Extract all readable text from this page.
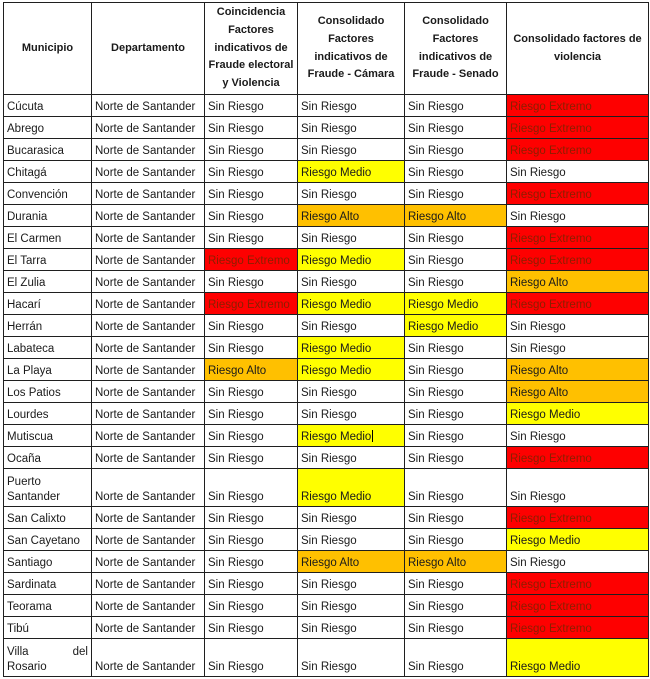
Municipio	Departamento	Coincidencia Factores indicativos de Fraude electoral y Violencia	Consolidado Factores indicativos de Fraude - Cámara	Consolidado Factores indicativos de Fraude - Senado	Consolidado factores de violencia
Cúcuta	Norte de Santander	Sin Riesgo	Sin Riesgo	Sin Riesgo	Riesgo Extremo
Abrego	Norte de Santander	Sin Riesgo	Sin Riesgo	Sin Riesgo	Riesgo Extremo
Bucarasica	Norte de Santander	Sin Riesgo	Sin Riesgo	Sin Riesgo	Riesgo Extremo
Chitagá	Norte de Santander	Sin Riesgo	Riesgo Medio	Sin Riesgo	Sin Riesgo
Convención	Norte de Santander	Sin Riesgo	Sin Riesgo	Sin Riesgo	Riesgo Extremo
Durania	Norte de Santander	Sin Riesgo	Riesgo Alto	Riesgo Alto	Sin Riesgo
El Carmen	Norte de Santander	Sin Riesgo	Sin Riesgo	Sin Riesgo	Riesgo Extremo
El Tarra	Norte de Santander	Riesgo Extremo	Riesgo Medio	Sin Riesgo	Riesgo Extremo
El Zulia	Norte de Santander	Sin Riesgo	Sin Riesgo	Sin Riesgo	Riesgo Alto
Hacarí	Norte de Santander	Riesgo Extremo	Riesgo Medio	Riesgo Medio	Riesgo Extremo
Herrán	Norte de Santander	Sin Riesgo	Sin Riesgo	Riesgo Medio	Sin Riesgo
Labateca	Norte de Santander	Sin Riesgo	Riesgo Medio	Sin Riesgo	Sin Riesgo
La Playa	Norte de Santander	Riesgo Alto	Riesgo Medio	Sin Riesgo	Riesgo Alto
Los Patios	Norte de Santander	Sin Riesgo	Sin Riesgo	Sin Riesgo	Riesgo Alto
Lourdes	Norte de Santander	Sin Riesgo	Sin Riesgo	Sin Riesgo	Riesgo Medio
Mutiscua	Norte de Santander	Sin Riesgo	Riesgo Medio	Sin Riesgo	Sin Riesgo
Ocaña	Norte de Santander	Sin Riesgo	Sin Riesgo	Sin Riesgo	Riesgo Extremo
Puerto Santander	Norte de Santander	Sin Riesgo	Riesgo Medio	Sin Riesgo	Sin Riesgo
San Calixto	Norte de Santander	Sin Riesgo	Sin Riesgo	Sin Riesgo	Riesgo Extremo
San Cayetano	Norte de Santander	Sin Riesgo	Sin Riesgo	Sin Riesgo	Riesgo Medio
Santiago	Norte de Santander	Sin Riesgo	Riesgo Alto	Riesgo Alto	Sin Riesgo
Sardinata	Norte de Santander	Sin Riesgo	Sin Riesgo	Sin Riesgo	Riesgo Extremo
Teorama	Norte de Santander	Sin Riesgo	Sin Riesgo	Sin Riesgo	Riesgo Extremo
Tibú	Norte de Santander	Sin Riesgo	Sin Riesgo	Sin Riesgo	Riesgo Extremo
Villa del Rosario	Norte de Santander	Sin Riesgo	Sin Riesgo	Sin Riesgo	Riesgo Medio
